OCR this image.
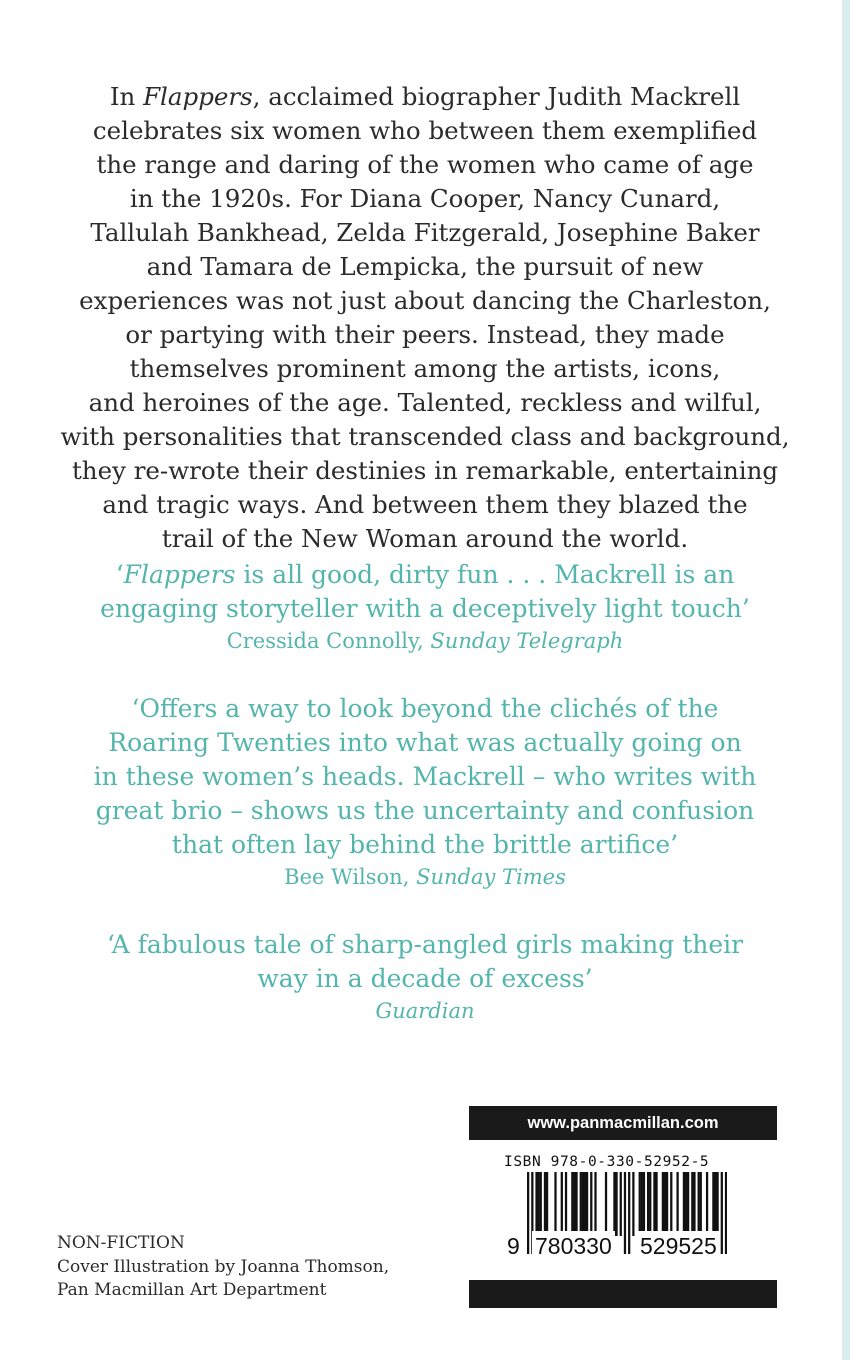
In Flappers, acclaimed biographer Judith Mackrell

celebrates six women who between them exemplified

the range and daring of the women who came of age

in the 1920s. For Diana Cooper, Nancy Cunard,

Tallulah Bankhead, Zelda Fitzgerald, Josephine Baker

and Tamara de Lempicka, the pursuit of new

experiences was not just about dancing the Charleston,

or partying with their peers. Instead, they made

themselves prominent among the artists, icons,

and heroines of the age. Talented, reckless and wilful,

with personalities that transcended class and background,

they re-wrote their destinies in remarkable, entertaining

and tragic ways. And between them they blazed the

trail of the New Woman around the world.

‘Flappers is all good, dirty fun . . . Mackrell is an

engaging storyteller with a deceptively light touch’

Cressida Connolly, Sunday Telegraph

‘Offers a way to look beyond the clichés of the

Roaring Twenties into what was actually going on

in these women’s heads. Mackrell – who writes with

great brio – shows us the uncertainty and confusion

that often lay behind the brittle artifice’

Bee Wilson, Sunday Times

‘A fabulous tale of sharp-angled girls making their

way in a decade of excess’

Guardian

NON-FICTION
Cover Illustration by Joanna Thomson,
Pan Macmillan Art Department
www.panmacmillan.com
ISBN 978-0-330-52952-5
9 780330 529525
